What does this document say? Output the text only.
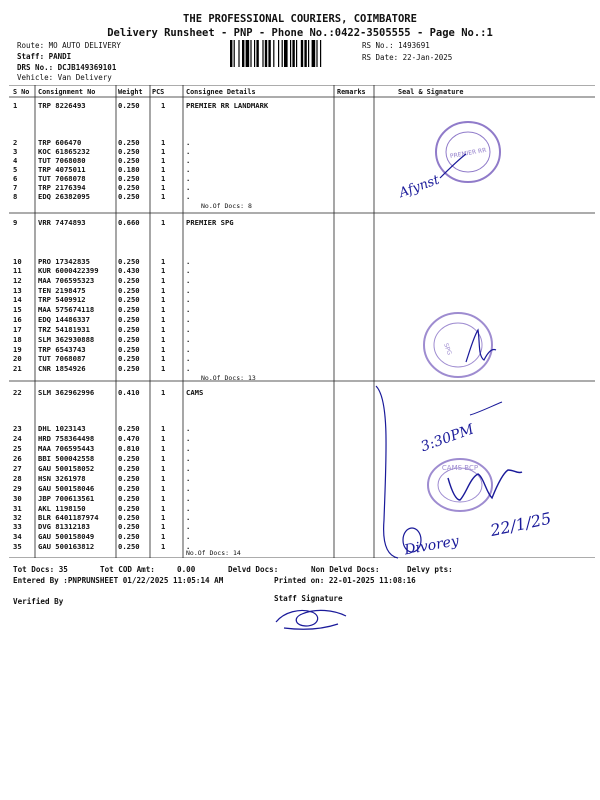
THE PROFESSIONAL COURIERS, COIMBATORE
Delivery Runsheet - PNP - Phone No.:0422-3505555 - Page No.:1
Route: MO AUTO DELIVERY
Staff: PANDI
DRS No.: DCJB149369101
Vehicle: Van Delivery
RS No.: 1493691
RS Date: 22-Jan-2025
S No Consignment No	Weight PCS	Consignee Details	Remarks	Seal & Signature
1	TRP 8226493	0.250	1	PREMIER RR LANDMARK
2	TRP 606470	0.250	1	.
3	KOC 61865232	0.250	1	.
4	TUT 7068080	0.250	1	.
5	TRP 4075011	0.180	1	.
6	TUT 7068078	0.250	1	.
7	TRP 2176394	0.250	1	.
8	EDQ 26382095	0.250	1	.
No.Of Docs: 8
9	VRR 7474893	0.660	1	PREMIER SPG
10 PRO 17342835	0.250	1	.
11 KUR 6000422399	0.430	1	.
12 MAA 706595323	0.250	1	.
13 TEN 2198475	0.250	1	.
14 TRP 5409912	0.250	1	.
15 MAA 575674118	0.250	1	.
16 EDQ 14486337	0.250	1	.
17 TRZ 54181931	0.250	1	.
18 SLM 362930888	0.250	1	.
19 TRP 6543743	0.250	1	.
20 TUT 7068087	0.250	1	.
21 CNR 1854926	0.250	1	.
No.Of Docs: 13
22 SLM 362962996	0.410	1	CAMS
23 DHL 1023143	0.250	1	.
24 HRD 758364498	0.470	1	.
25 MAA 706595443	0.810	1	.
26 BBI 500042558	0.250	1	.
27 GAU 500158052	0.250	1	.
28 HSN 3261978	0.250	1	.
29 GAU 500158046	0.250	1	.
30 JBP 700613561	0.250	1	.
31 AKL 1198150	0.250	1	.
32 BLR 6401187974	0.250	1	.
33 DVG 81312183	0.250	1	.
34 GAU 500158049	0.250	1	.
35 GAU 500163812	0.250	1	.
No.Of Docs: 14
Tot Docs: 35	Tot COD Amt:	0.00	Delvd Docs:	Non Delvd Docs:	Delvy pts:
Entered By :PNPRUNSHEET 01/22/2025 11:05:14 AM	Printed on: 22-01-2025 11:08:16
Verified By	Staff Signature
PREMIER RR
Afynst
SPG
3:30PM
CAMS BCP
22/1/25
Divorey
